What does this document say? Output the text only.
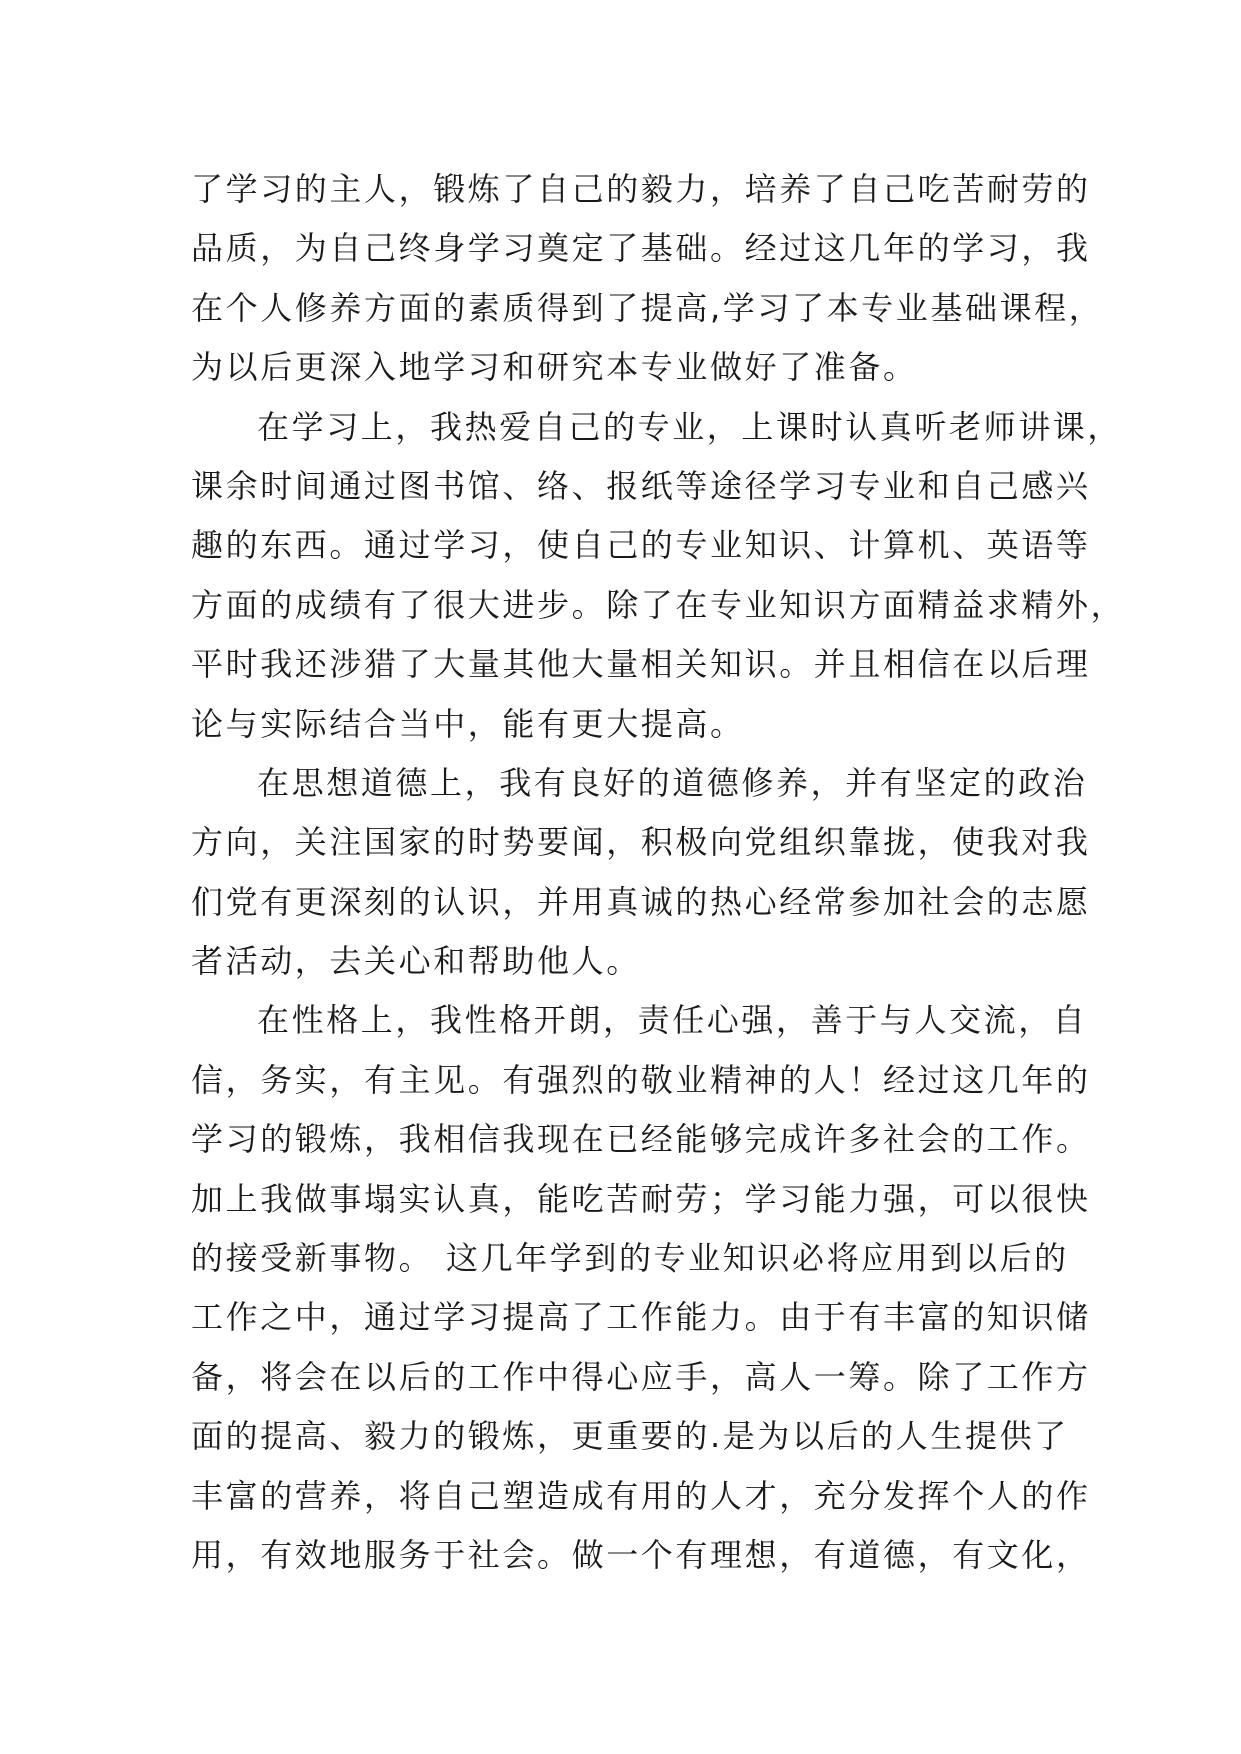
了学习的主人，锻炼了自己的毅力，培养了自己吃苦耐劳的
品质，为自己终身学习奠定了基础。经过这几年的学习，我
在个人修养方面的素质得到了提高,学习了本专业基础课程，
为以后更深入地学习和研究本专业做好了准备。
在学习上，我热爱自己的专业，上课时认真听老师讲课，
课余时间通过图书馆、络、报纸等途径学习专业和自己感兴
趣的东西。通过学习，使自己的专业知识、计算机、英语等
方面的成绩有了很大进步。除了在专业知识方面精益求精外，
平时我还涉猎了大量其他大量相关知识。并且相信在以后理
论与实际结合当中，能有更大提高。
在思想道德上，我有良好的道德修养，并有坚定的政治
方向，关注国家的时势要闻，积极向党组织靠拢，使我对我
们党有更深刻的认识，并用真诚的热心经常参加社会的志愿
者活动，去关心和帮助他人。
在性格上，我性格开朗，责任心强，善于与人交流，自
信，务实，有主见。有强烈的敬业精神的人！经过这几年的
学习的锻炼，我相信我现在已经能够完成许多社会的工作。
加上我做事塌实认真，能吃苦耐劳；学习能力强，可以很快
的接受新事物。 这几年学到的专业知识必将应用到以后的
工作之中，通过学习提高了工作能力。由于有丰富的知识储
备，将会在以后的工作中得心应手，高人一筹。除了工作方
面的提高、毅力的锻炼，更重要的.是为以后的人生提供了
丰富的营养，将自己塑造成有用的人才，充分发挥个人的作
用，有效地服务于社会。做一个有理想，有道德，有文化，
